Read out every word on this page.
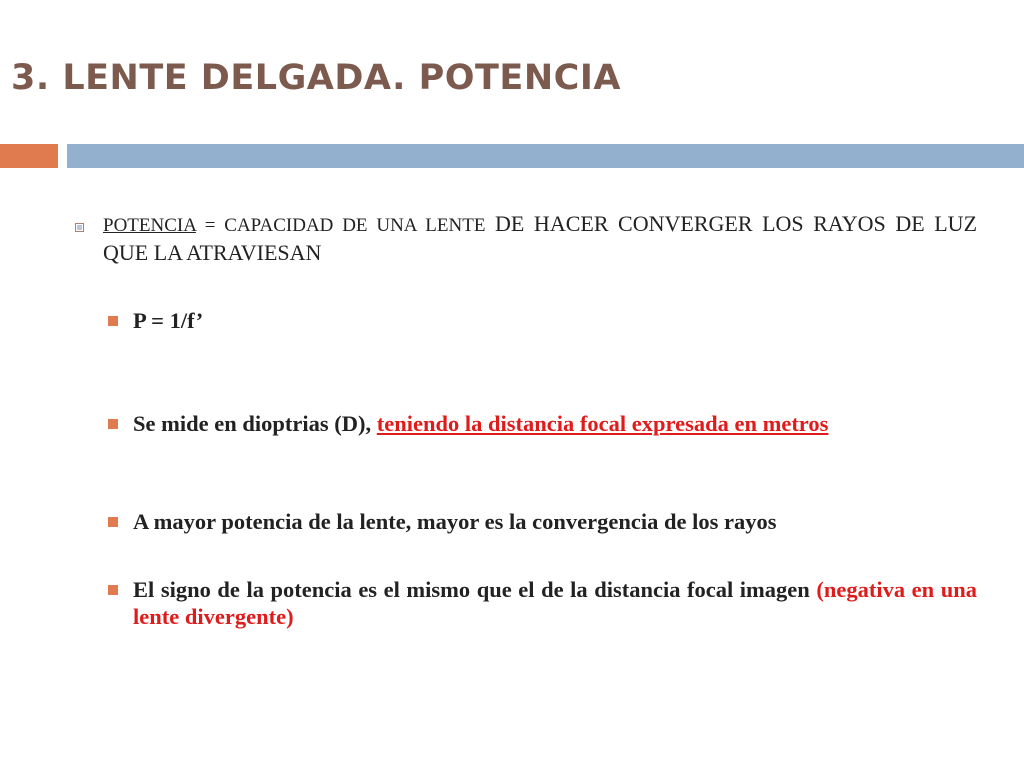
3. LENTE DELGADA. POTENCIA
POTENCIA = CAPACIDAD DE UNA LENTE DE HACER CONVERGER LOS RAYOS DE LUZ QUE LA ATRAVIESAN
P = 1/f’
Se mide en dioptrias (D), teniendo la distancia focal expresada en metros
A mayor potencia de la lente, mayor es la convergencia de los rayos
El signo de la potencia es el mismo que el de la distancia focal imagen (negativa en una lente divergente)
